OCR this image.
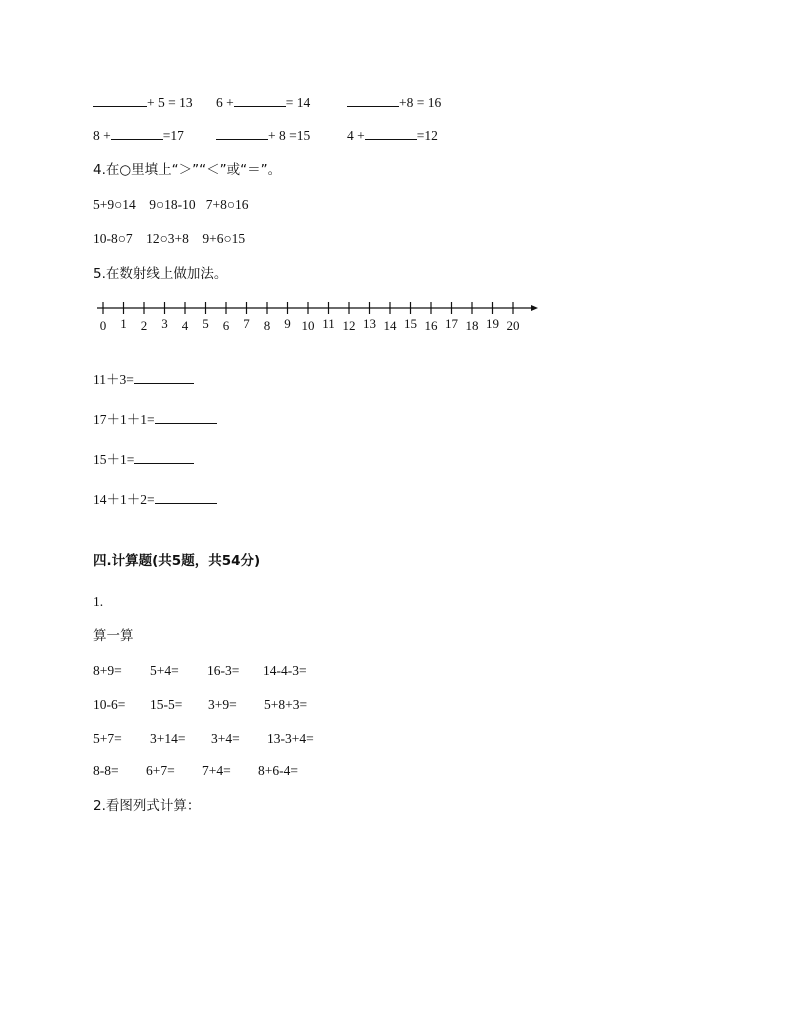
+ 5 = 13 6 +	= 14	+8 = 16
8 +	=17	+ 8 =15	4 +	=12
4.在○里填上“＞”“＜”或“＝”。
5+9○14    9○18-10   7+8○16
10-8○7    12○3+8    9+6○15
5.在数射线上做加法。
0 1 2 3 4 5 6 7 8 9 10 11 12 13 14 15 16 17 18 19 20
11＋3=
17＋1＋1=
15＋1=
14＋1＋2=
四.计算题(共5题，共54分)
1.
算一算
8+9= 5+4= 16-3= 14-4-3=
10-6= 15-5= 3+9= 5+8+3=
5+7= 3+14= 3+4= 13-3+4=
8-8= 6+7= 7+4= 8+6-4=
2.看图列式计算：
